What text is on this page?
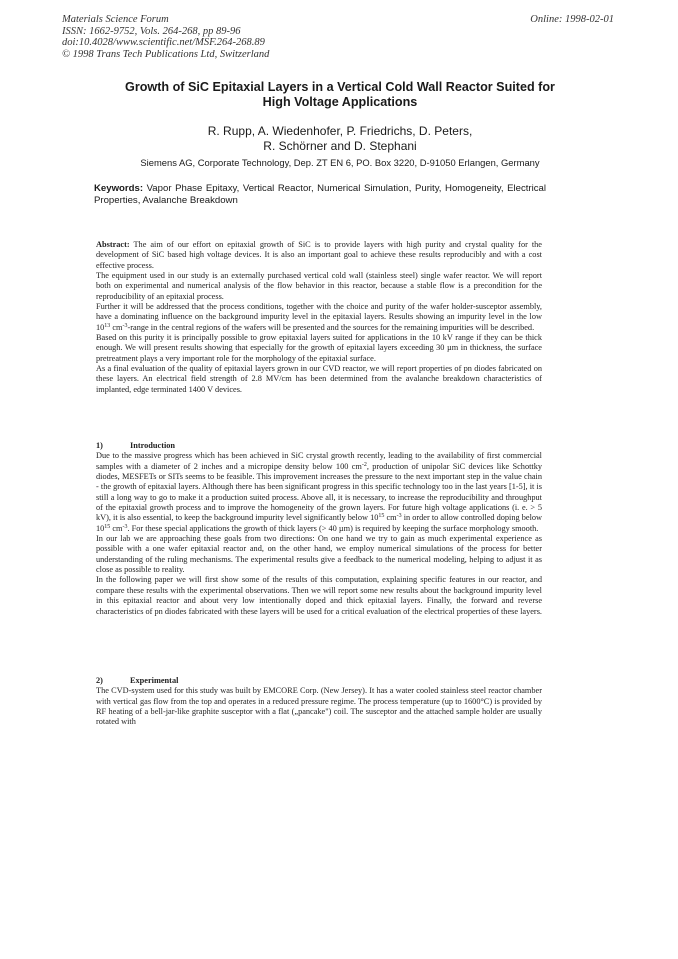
Materials Science Forum
ISSN: 1662-9752, Vols. 264-268, pp 89-96
doi:10.4028/www.scientific.net/MSF.264-268.89
© 1998 Trans Tech Publications Ltd, Switzerland
Online: 1998-02-01
Growth of SiC Epitaxial Layers in a Vertical Cold Wall Reactor Suited for
High Voltage Applications
R. Rupp, A. Wiedenhofer, P. Friedrichs, D. Peters,
R. Schörner and D. Stephani
Siemens AG, Corporate Technology, Dep. ZT EN 6, PO. Box 3220, D-91050 Erlangen, Germany
Keywords: Vapor Phase Epitaxy, Vertical Reactor, Numerical Simulation, Purity, Homogeneity, Electrical Properties, Avalanche Breakdown

Abstract: The aim of our effort on epitaxial growth of SiC is to provide layers with high purity and crystal quality for the development of SiC based high voltage devices. It is also an important goal to achieve these results reproducibly and with a cost effective process.

The equipment used in our study is an externally purchased vertical cold wall (stainless steel) single wafer reactor. We will report both on experimental and numerical analysis of the flow behavior in this reactor, because a stable flow is a precondition for the reproducibility of an epitaxial process.

Further it will be addressed that the process conditions, together with the choice and purity of the wafer holder-susceptor assembly, have a dominating influence on the background impurity level in the epitaxial layers. Results showing an impurity level in the low $10^{13}$ $cm^{-3}$-range in the central regions of the wafers will be presented and the sources for the remaining impurities will be described.

Based on this purity it is principally possible to grow epitaxial layers suited for applications in the 10 kV range if they can be thick enough. We will present results showing that especially for the growth of epitaxial layers exceeding 30 µm in thickness, the surface pretreatment plays a very important role for the morphology of the epitaxial surface.

As a final evaluation of the quality of epitaxial layers grown in our CVD reactor, we will report properties of pn diodes fabricated on these layers. An electrical field strength of 2.8 MV/cm has been determined from the avalanche breakdown characteristics of implanted, edge terminated 1400 V devices.

1)	Introduction

Due to the massive progress which has been achieved in SiC crystal growth recently, leading to the availability of first commercial samples with a diameter of 2 inches and a micropipe density below 100 $cm^{-2}$, production of unipolar SiC devices like Schottky diodes, MESFETs or SITs seems to be feasible. This improvement increases the pressure to the next important step in the value chain - the growth of epitaxial layers. Although there has been significant progress in this specific technology too in the last years [1-5], it is still a long way to go to make it a production suited process. Above all, it is necessary, to increase the reproducibility and throughput of the epitaxial growth process and to improve the homogeneity of the grown layers. For future high voltage applications (i. e. > 5 kV), it is also essential, to keep the background impurity level significantly below $10^{15}$ $cm^{-3}$ in order to allow controlled doping below $10^{15}$ $cm^{-3}$. For these special applications the growth of thick layers (> 40 µm) is required by keeping the surface morphology smooth.

In our lab we are approaching these goals from two directions: On one hand we try to gain as much experimental experience as possible with a one wafer epitaxial reactor and, on the other hand, we employ numerical simulations of the process for better understanding of the ruling mechanisms. The experimental results give a feedback to the numerical modeling, helping to adjust it as close as possible to reality.

In the following paper we will first show some of the results of this computation, explaining specific features in our reactor, and compare these results with the experimental observations. Then we will report some new results about the background impurity level in this epitaxial reactor and about very low intentionally doped and thick epitaxial layers. Finally, the forward and reverse characteristics of pn diodes fabricated with these layers will be used for a critical evaluation of the electrical properties of these layers.

2)	Experimental

The CVD-system used for this study was built by EMCORE Corp. (New Jersey). It has a water cooled stainless steel reactor chamber with vertical gas flow from the top and operates in a reduced pressure regime. The process temperature (up to 1600°C) is provided by RF heating of a bell-jar-like graphite susceptor with a flat („pancake") coil. The susceptor and the attached sample holder are usually rotated with
